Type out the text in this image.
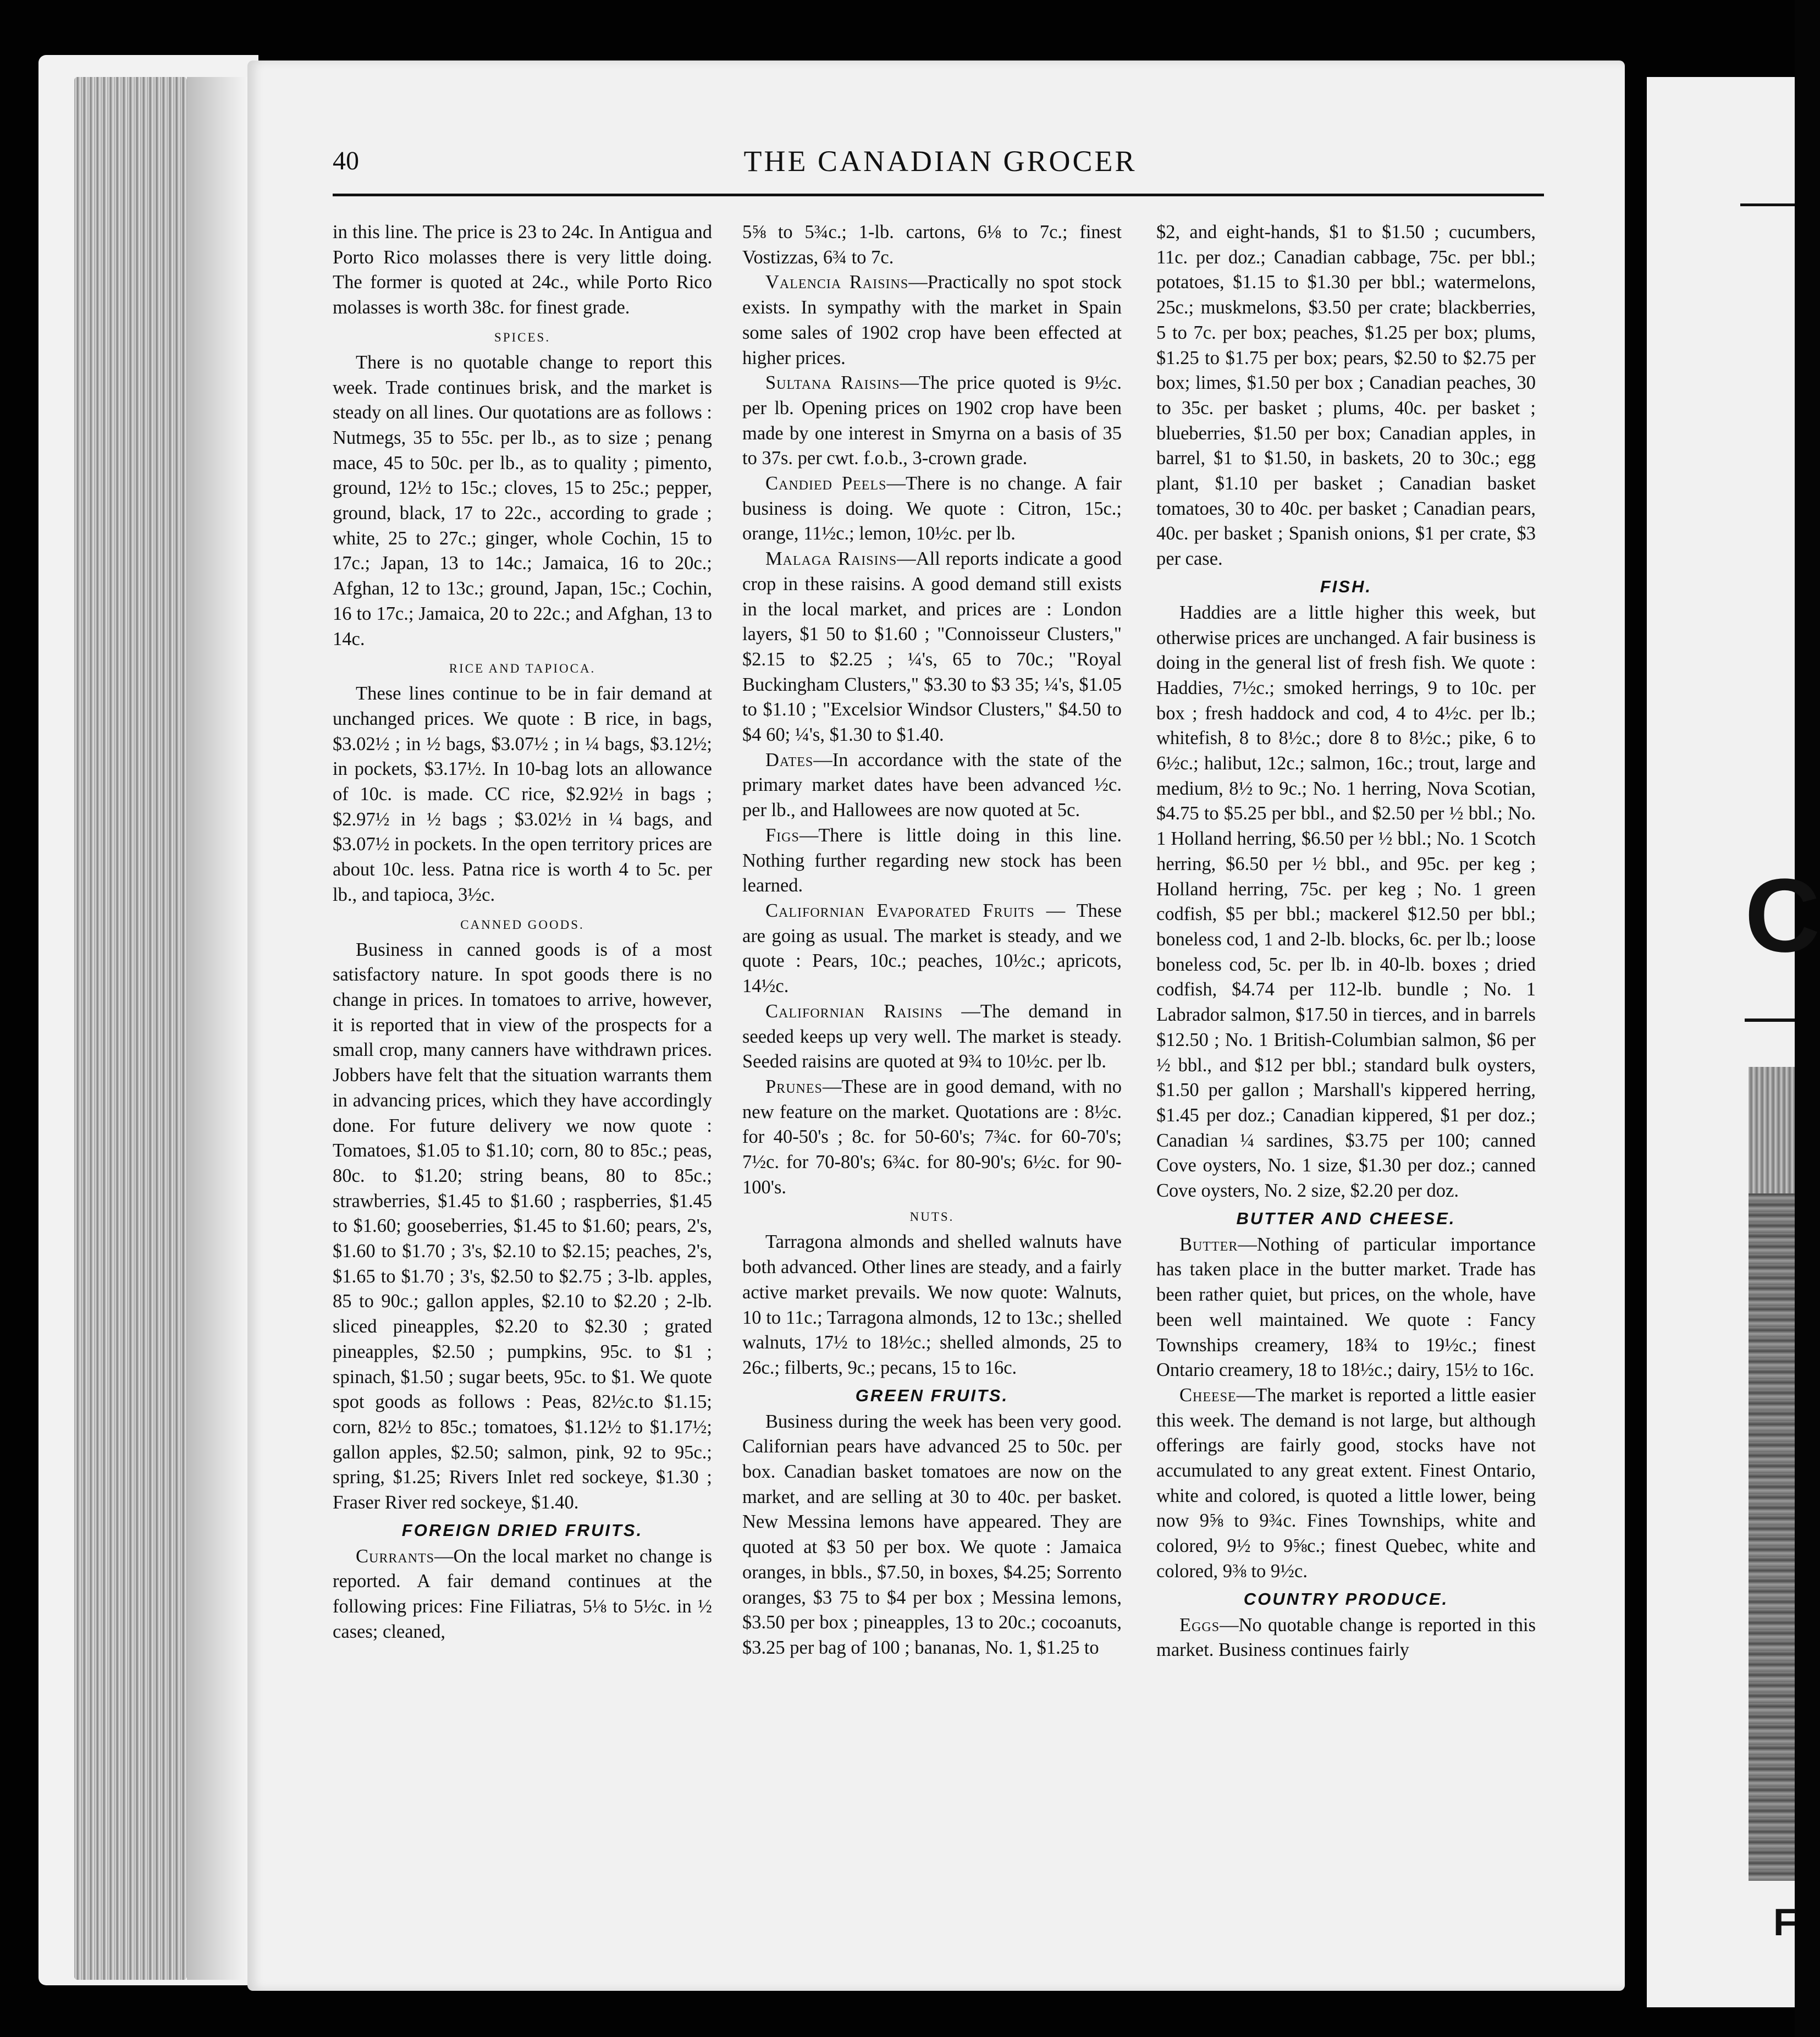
C
F
40	THE CANADIAN GROCER

in this line. The price is 23 to 24c. In Antigua and Porto Rico molasses there is very little doing. The former is quoted at 24c., while Porto Rico molasses is worth 38c. for finest grade.

SPICES.

There is no quotable change to report this week. Trade continues brisk, and the market is steady on all lines. Our quotations are as follows : Nutmegs, 35 to 55c. per lb., as to size ; penang mace, 45 to 50c. per lb., as to quality ; pimento, ground, 12½ to 15c.; cloves, 15 to 25c.; pepper, ground, black, 17 to 22c., according to grade ; white, 25 to 27c.; ginger, whole Cochin, 15 to 17c.; Japan, 13 to 14c.; Jamaica, 16 to 20c.; Afghan, 12 to 13c.; ground, Japan, 15c.; Cochin, 16 to 17c.; Jamaica, 20 to 22c.; and Afghan, 13 to 14c.

RICE AND TAPIOCA.

These lines continue to be in fair demand at unchanged prices. We quote : B rice, in bags, $3.02½ ; in ½ bags, $3.07½ ; in ¼ bags, $3.12½; in pockets, $3.17½. In 10-bag lots an allowance of 10c. is made. CC rice, $2.92½ in bags ; $2.97½ in ½ bags ; $3.02½ in ¼ bags, and $3.07½ in pockets. In the open territory prices are about 10c. less. Patna rice is worth 4 to 5c. per lb., and tapioca, 3½c.

CANNED GOODS.

Business in canned goods is of a most satisfactory nature. In spot goods there is no change in prices. In tomatoes to arrive, however, it is reported that in view of the prospects for a small crop, many canners have withdrawn prices. Jobbers have felt that the situation warrants them in advancing prices, which they have accordingly done. For future delivery we now quote : Tomatoes, $1.05 to $1.10; corn, 80 to 85c.; peas, 80c. to $1.20; string beans, 80 to 85c.; strawberries, $1.45 to $1.60 ; raspberries, $1.45 to $1.60; gooseberries, $1.45 to $1.60; pears, 2's, $1.60 to $1.70 ; 3's, $2.10 to $2.15; peaches, 2's, $1.65 to $1.70 ; 3's, $2.50 to $2.75 ; 3-lb. apples, 85 to 90c.; gallon apples, $2.10 to $2.20 ; 2-lb. sliced pineapples, $2.20 to $2.30 ; grated pineapples, $2.50 ; pumpkins, 95c. to $1 ; spinach, $1.50 ; sugar beets, 95c. to $1. We quote spot goods as follows : Peas, 82½c.to $1.15; corn, 82½ to 85c.; tomatoes, $1.12½ to $1.17½; gallon apples, $2.50; salmon, pink, 92 to 95c.; spring, $1.25; Rivers Inlet red sockeye, $1.30 ; Fraser River red sockeye, $1.40.

FOREIGN DRIED FRUITS.

Currants—On the local market no change is reported. A fair demand continues at the following prices: Fine Filiatras, 5⅛ to 5½c. in ½ cases; cleaned,

5⅝ to 5¾c.; 1-lb. cartons, 6⅛ to 7c.; finest Vostizzas, 6¾ to 7c.

Valencia Raisins—Practically no spot stock exists. In sympathy with the market in Spain some sales of 1902 crop have been effected at higher prices.

Sultana Raisins—The price quoted is 9½c. per lb. Opening prices on 1902 crop have been made by one interest in Smyrna on a basis of 35 to 37s. per cwt. f.o.b., 3-crown grade.

Candied Peels—There is no change. A fair business is doing. We quote : Citron, 15c.; orange, 11½c.; lemon, 10½c. per lb.

Malaga Raisins—All reports indicate a good crop in these raisins. A good demand still exists in the local market, and prices are : London layers, $1 50 to $1.60 ; "Connoisseur Clusters," $2.15 to $2.25 ; ¼'s, 65 to 70c.; "Royal Buckingham Clusters," $3.30 to $3 35; ¼'s, $1.05 to $1.10 ; "Excelsior Windsor Clusters," $4.50 to $4 60; ¼'s, $1.30 to $1.40.

Dates—In accordance with the state of the primary market dates have been advanced ½c. per lb., and Hallowees are now quoted at 5c.

Figs—There is little doing in this line. Nothing further regarding new stock has been learned.

Californian Evaporated Fruits — These are going as usual. The market is steady, and we quote : Pears, 10c.; peaches, 10½c.; apricots, 14½c.

Californian Raisins —The demand in seeded keeps up very well. The market is steady. Seeded raisins are quoted at 9¾ to 10½c. per lb.

Prunes—These are in good demand, with no new feature on the market. Quotations are : 8½c. for 40-50's ; 8c. for 50-60's; 7¾c. for 60-70's; 7½c. for 70-80's; 6¾c. for 80-90's; 6½c. for 90-100's.

NUTS.

Tarragona almonds and shelled walnuts have both advanced. Other lines are steady, and a fairly active market prevails. We now quote: Walnuts, 10 to 11c.; Tarragona almonds, 12 to 13c.; shelled walnuts, 17½ to 18½c.; shelled almonds, 25 to 26c.; filberts, 9c.; pecans, 15 to 16c.

GREEN FRUITS.

Business during the week has been very good. Californian pears have advanced 25 to 50c. per box. Canadian basket tomatoes are now on the market, and are selling at 30 to 40c. per basket. New Messina lemons have appeared. They are quoted at $3 50 per box. We quote : Jamaica oranges, in bbls., $7.50, in boxes, $4.25; Sorrento oranges, $3 75 to $4 per box ; Messina lemons, $3.50 per box ; pineapples, 13 to 20c.; cocoanuts, $3.25 per bag of 100 ; bananas, No. 1, $1.25 to

$2, and eight-hands, $1 to $1.50 ; cucumbers, 11c. per doz.; Canadian cabbage, 75c. per bbl.; potatoes, $1.15 to $1.30 per bbl.; watermelons, 25c.; muskmelons, $3.50 per crate; blackberries, 5 to 7c. per box; peaches, $1.25 per box; plums, $1.25 to $1.75 per box; pears, $2.50 to $2.75 per box; limes, $1.50 per box ; Canadian peaches, 30 to 35c. per basket ; plums, 40c. per basket ; blueberries, $1.50 per box; Canadian apples, in barrel, $1 to $1.50, in baskets, 20 to 30c.; egg plant, $1.10 per basket ; Canadian basket tomatoes, 30 to 40c. per basket ; Canadian pears, 40c. per basket ; Spanish onions, $1 per crate, $3 per case.

FISH.

Haddies are a little higher this week, but otherwise prices are unchanged. A fair business is doing in the general list of fresh fish. We quote : Haddies, 7½c.; smoked herrings, 9 to 10c. per box ; fresh haddock and cod, 4 to 4½c. per lb.; whitefish, 8 to 8½c.; dore 8 to 8½c.; pike, 6 to 6½c.; halibut, 12c.; salmon, 16c.; trout, large and medium, 8½ to 9c.; No. 1 herring, Nova Scotian, $4.75 to $5.25 per bbl., and $2.50 per ½ bbl.; No. 1 Holland herring, $6.50 per ½ bbl.; No. 1 Scotch herring, $6.50 per ½ bbl., and 95c. per keg ; Holland herring, 75c. per keg ; No. 1 green codfish, $5 per bbl.; mackerel $12.50 per bbl.; boneless cod, 1 and 2-lb. blocks, 6c. per lb.; loose boneless cod, 5c. per lb. in 40-lb. boxes ; dried codfish, $4.74 per 112-lb. bundle ; No. 1 Labrador salmon, $17.50 in tierces, and in barrels $12.50 ; No. 1 British-Columbian salmon, $6 per ½ bbl., and $12 per bbl.; standard bulk oysters, $1.50 per gallon ; Marshall's kippered herring, $1.45 per doz.; Canadian kippered, $1 per doz.; Canadian ¼ sardines, $3.75 per 100; canned Cove oysters, No. 1 size, $1.30 per doz.; canned Cove oysters, No. 2 size, $2.20 per doz.

BUTTER AND CHEESE.

Butter—Nothing of particular importance has taken place in the butter market. Trade has been rather quiet, but prices, on the whole, have been well maintained. We quote : Fancy Townships creamery, 18¾ to 19½c.; finest Ontario creamery, 18 to 18½c.; dairy, 15½ to 16c.

Cheese—The market is reported a little easier this week. The demand is not large, but although offerings are fairly good, stocks have not accumulated to any great extent. Finest Ontario, white and colored, is quoted a little lower, being now 9⅝ to 9¾c. Fines Townships, white and colored, 9½ to 9⅝c.; finest Quebec, white and colored, 9⅜ to 9½c.

COUNTRY PRODUCE.

Eggs—No quotable change is reported in this market. Business continues fairly
